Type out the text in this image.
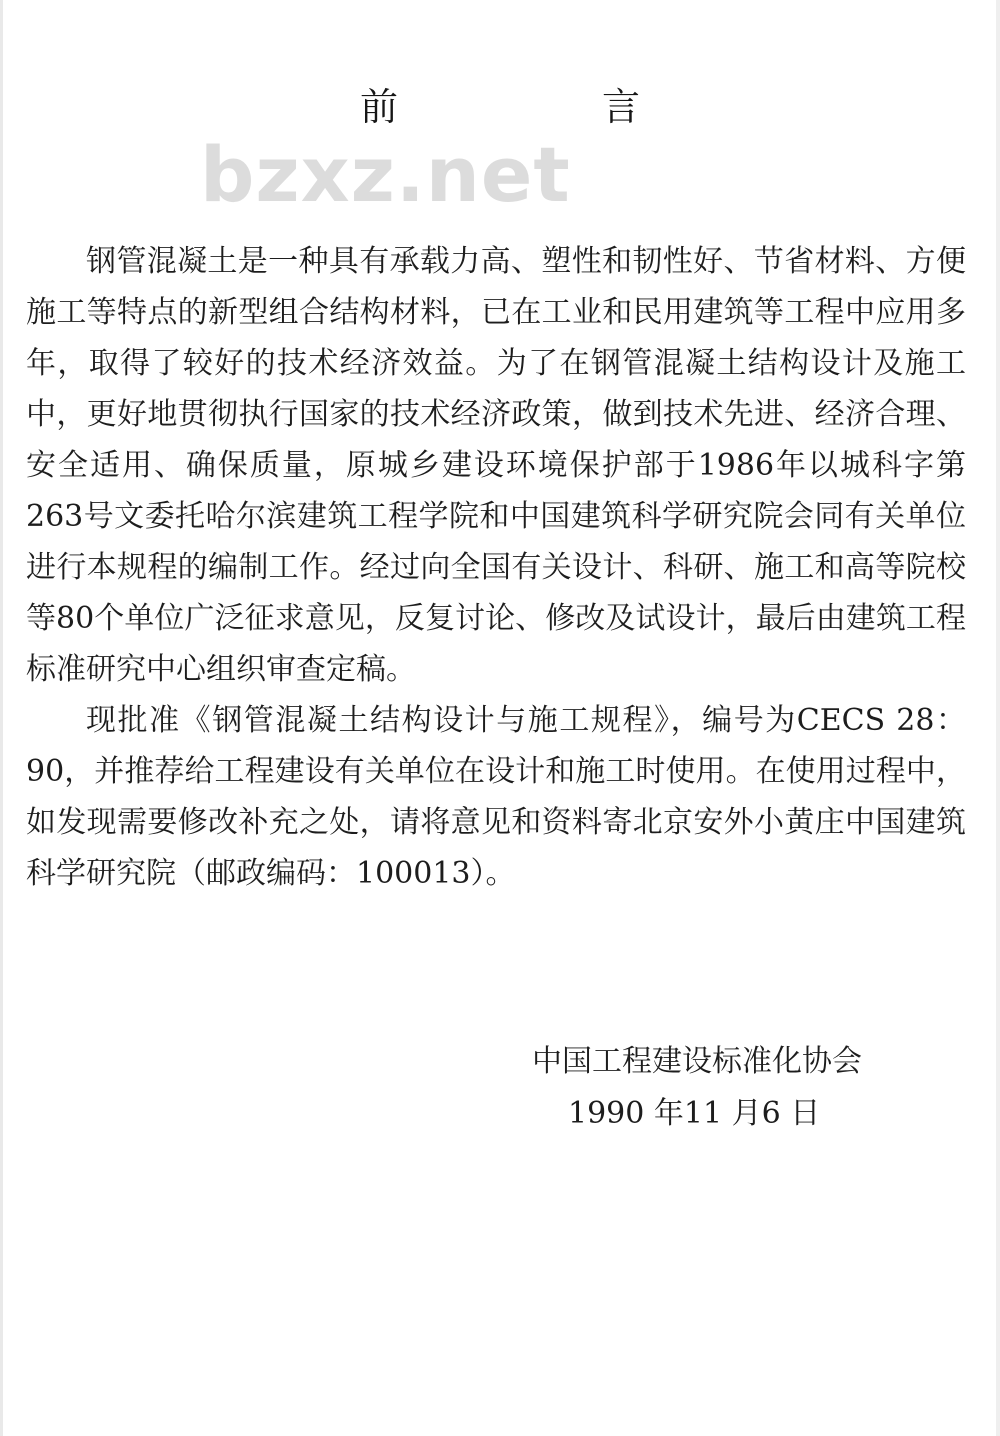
前 言
bzxz.net

钢管混凝土是一种具有承载力高、塑性和韧性好、节省材料、方便施工等特点的新型组合结构材料，已在工业和民用建筑等工程中应用多年，取得了较好的技术经济效益。为了在钢管混凝土结构设计及施工中，更好地贯彻执行国家的技术经济政策，做到技术先进、经济合理、安全适用、确保质量，原城乡建设环境保护部于1986年以城科字第263号文委托哈尔滨建筑工程学院和中国建筑科学研究院会同有关单位进行本规程的编制工作。经过向全国有关设计、科研、施工和高等院校等80个单位广泛征求意见，反复讨论、修改及试设计，最后由建筑工程标准研究中心组织审查定稿。

现批准《钢管混凝土结构设计与施工规程》，编号为CECS 28：90，并推荐给工程建设有关单位在设计和施工时使用。在使用过程中，如发现需要修改补充之处，请将意见和资料寄北京安外小黄庄中国建筑科学研究院（邮政编码：100013）。

中国工程建设标准化协会
1990 年11 月6 日
